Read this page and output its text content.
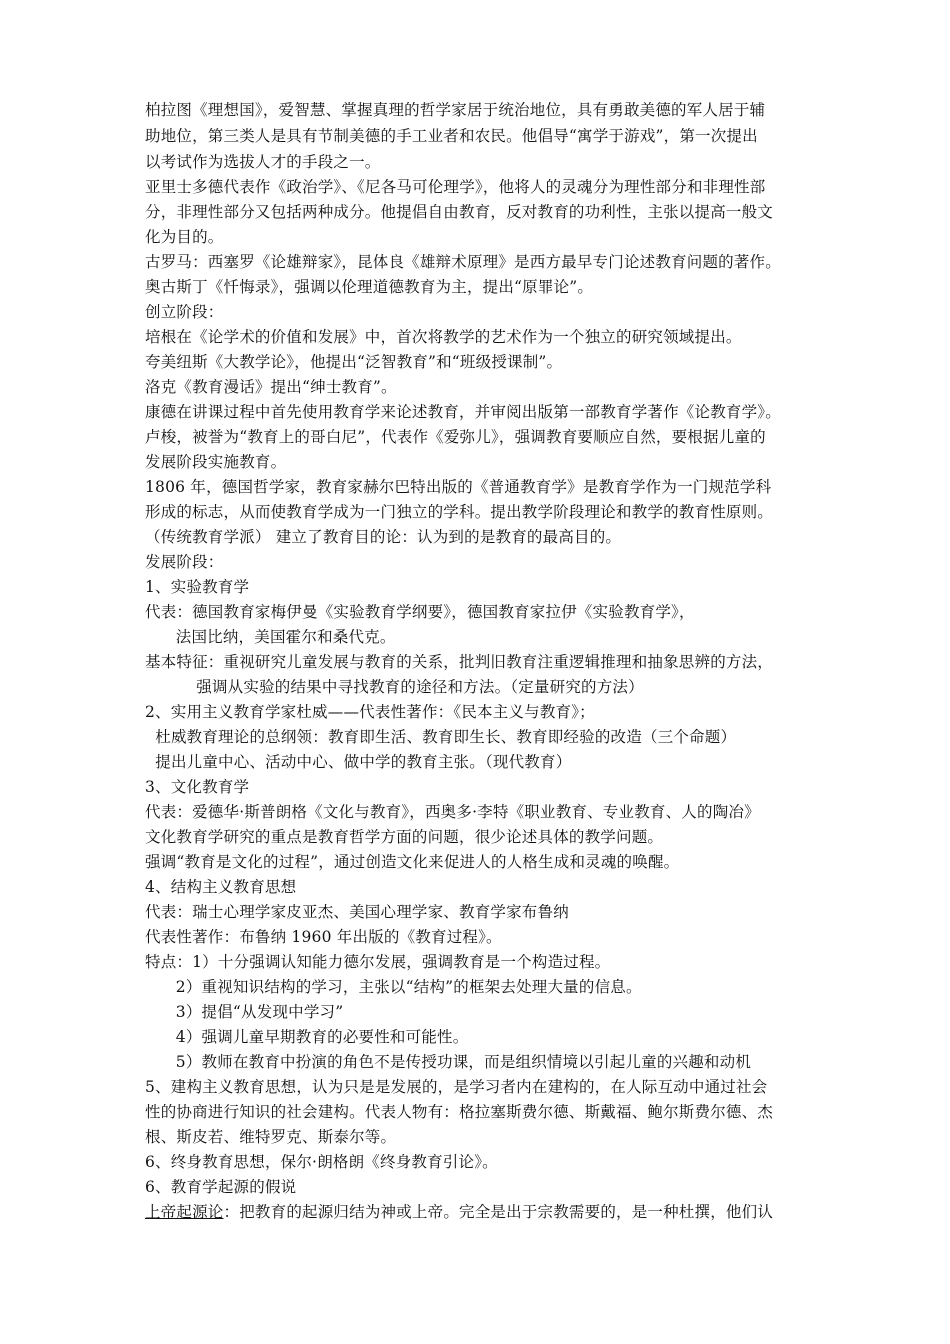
柏拉图《理想国》，爱智慧、掌握真理的哲学家居于统治地位，具有勇敢美德的军人居于辅
助地位，第三类人是具有节制美德的手工业者和农民。他倡导“寓学于游戏”，第一次提出
以考试作为选拔人才的手段之一。
亚里士多德代表作《政治学》、《尼各马可伦理学》，他将人的灵魂分为理性部分和非理性部
分，非理性部分又包括两种成分。他提倡自由教育，反对教育的功利性，主张以提高一般文
化为目的。
古罗马：西塞罗《论雄辩家》，昆体良《雄辩术原理》是西方最早专门论述教育问题的著作。
奥古斯丁《忏悔录》，强调以伦理道德教育为主，提出“原罪论”。
创立阶段：
培根在《论学术的价值和发展》中，首次将教学的艺术作为一个独立的研究领域提出。
夸美纽斯《大教学论》，他提出“泛智教育”和“班级授课制”。
洛克《教育漫话》提出“绅士教育”。
康德在讲课过程中首先使用教育学来论述教育，并审阅出版第一部教育学著作《论教育学》。
卢梭，被誉为“教育上的哥白尼”，代表作《爱弥儿》，强调教育要顺应自然，要根据儿童的
发展阶段实施教育。
1806 年，德国哲学家，教育家赫尔巴特出版的《普通教育学》是教育学作为一门规范学科
形成的标志，从而使教育学成为一门独立的学科。提出教学阶段理论和教学的教育性原则。
（传统教育学派） 建立了教育目的论：认为到的是教育的最高目的。
发展阶段：
1、实验教育学
代表：德国教育家梅伊曼《实验教育学纲要》，德国教育家拉伊《实验教育学》，
法国比纳，美国霍尔和桑代克。
基本特征：重视研究儿童发展与教育的关系，批判旧教育注重逻辑推理和抽象思辨的方法，
强调从实验的结果中寻找教育的途径和方法。（定量研究的方法）
2、实用主义教育学家杜威——代表性著作：《民本主义与教育》；
杜威教育理论的总纲领：教育即生活、教育即生长、教育即经验的改造（三个命题）
提出儿童中心、活动中心、做中学的教育主张。（现代教育）
3、文化教育学
代表：爱德华·斯普朗格《文化与教育》，西奥多·李特《职业教育、专业教育、人的陶冶》
文化教育学研究的重点是教育哲学方面的问题，很少论述具体的教学问题。
强调“教育是文化的过程”，通过创造文化来促进人的人格生成和灵魂的唤醒。
4、结构主义教育思想
代表：瑞士心理学家皮亚杰、美国心理学家、教育学家布鲁纳
代表性著作：布鲁纳 1960 年出版的《教育过程》。
特点：1）十分强调认知能力德尔发展，强调教育是一个构造过程。
2）重视知识结构的学习，主张以“结构”的框架去处理大量的信息。
3）提倡“从发现中学习”
4）强调儿童早期教育的必要性和可能性。
5）教师在教育中扮演的角色不是传授功课，而是组织情境以引起儿童的兴趣和动机
5、建构主义教育思想，认为只是是发展的，是学习者内在建构的，在人际互动中通过社会
性的协商进行知识的社会建构。代表人物有：格拉塞斯费尔德、斯戴福、鲍尔斯费尔德、杰
根、斯皮若、维特罗克、斯泰尔等。
6、终身教育思想，保尔·朗格朗《终身教育引论》。
6、教育学起源的假说
上帝起源论：把教育的起源归结为神或上帝。完全是出于宗教需要的，是一种杜撰，他们认
